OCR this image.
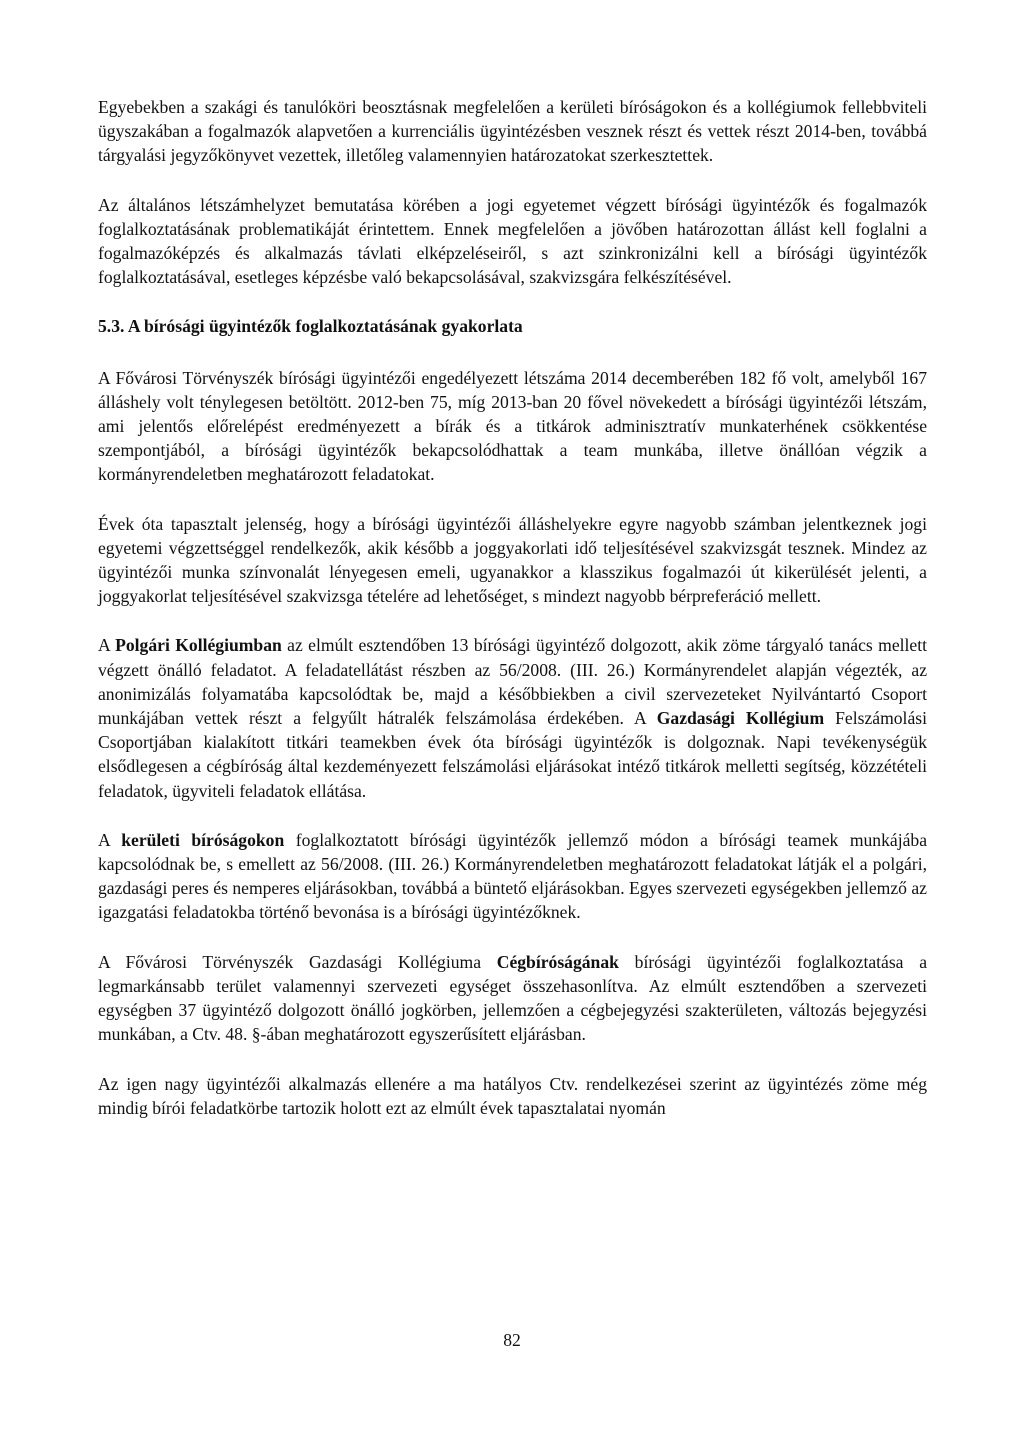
Egyebekben a szakági és tanulóköri beosztásnak megfelelően a kerületi bíróságokon és a kollégiumok fellebbviteli ügyszakában a fogalmazók alapvetően a kurrenciális ügyintézésben vesznek részt és vettek részt 2014-ben, továbbá tárgyalási jegyzőkönyvet vezettek, illetőleg valamennyien határozatokat szerkesztettek.

Az általános létszámhelyzet bemutatása körében a jogi egyetemet végzett bírósági ügyintézők és fogalmazók foglalkoztatásának problematikáját érintettem. Ennek megfelelően a jövőben határozottan állást kell foglalni a fogalmazóképzés és alkalmazás távlati elképzeléseiről, s azt szinkronizálni kell a bírósági ügyintézők foglalkoztatásával, esetleges képzésbe való bekapcsolásával, szakvizsgára felkészítésével.

5.3. A bírósági ügyintézők foglalkoztatásának gyakorlata

A Fővárosi Törvényszék bírósági ügyintézői engedélyezett létszáma 2014 decemberében 182 fő volt, amelyből 167 álláshely volt ténylegesen betöltött. 2012-ben 75, míg 2013-ban 20 fővel növekedett a bírósági ügyintézői létszám, ami jelentős előrelépést eredményezett a bírák és a titkárok adminisztratív munkaterhének csökkentése szempontjából, a bírósági ügyintézők bekapcsolódhattak a team munkába, illetve önállóan végzik a kormányrendeletben meghatározott feladatokat.

Évek óta tapasztalt jelenség, hogy a bírósági ügyintézői álláshelyekre egyre nagyobb számban jelentkeznek jogi egyetemi végzettséggel rendelkezők, akik később a joggyakorlati idő teljesítésével szakvizsgát tesznek. Mindez az ügyintézői munka színvonalát lényegesen emeli, ugyanakkor a klasszikus fogalmazói út kikerülését jelenti, a joggyakorlat teljesítésével szakvizsga tételére ad lehetőséget, s mindezt nagyobb bérpreferáció mellett.

A Polgári Kollégiumban az elmúlt esztendőben 13 bírósági ügyintéző dolgozott, akik zöme tárgyaló tanács mellett végzett önálló feladatot. A feladatellátást részben az 56/2008. (III. 26.) Kormányrendelet alapján végezték, az anonimizálás folyamatába kapcsolódtak be, majd a későbbiekben a civil szervezeteket Nyilvántartó Csoport munkájában vettek részt a felgyűlt hátralék felszámolása érdekében. A Gazdasági Kollégium Felszámolási Csoportjában kialakított titkári teamekben évek óta bírósági ügyintézők is dolgoznak. Napi tevékenységük elsődlegesen a cégbíróság által kezdeményezett felszámolási eljárásokat intéző titkárok melletti segítség, közzétételi feladatok, ügyviteli feladatok ellátása.

A kerületi bíróságokon foglalkoztatott bírósági ügyintézők jellemző módon a bírósági teamek munkájába kapcsolódnak be, s emellett az 56/2008. (III. 26.) Kormányrendeletben meghatározott feladatokat látják el a polgári, gazdasági peres és nemperes eljárásokban, továbbá a büntető eljárásokban. Egyes szervezeti egységekben jellemző az igazgatási feladatokba történő bevonása is a bírósági ügyintézőknek.

A Fővárosi Törvényszék Gazdasági Kollégiuma Cégbíróságának bírósági ügyintézői foglalkoztatása a legmarkánsabb terület valamennyi szervezeti egységet összehasonlítva. Az elmúlt esztendőben a szervezeti egységben 37 ügyintéző dolgozott önálló jogkörben, jellemzően a cégbejegyzési szakterületen, változás bejegyzési munkában, a Ctv. 48. §-ában meghatározott egyszerűsített eljárásban.

Az igen nagy ügyintézői alkalmazás ellenére a ma hatályos Ctv. rendelkezései szerint az ügyintézés zöme még mindig bírói feladatkörbe tartozik holott ezt az elmúlt évek tapasztalatai nyomán

82
